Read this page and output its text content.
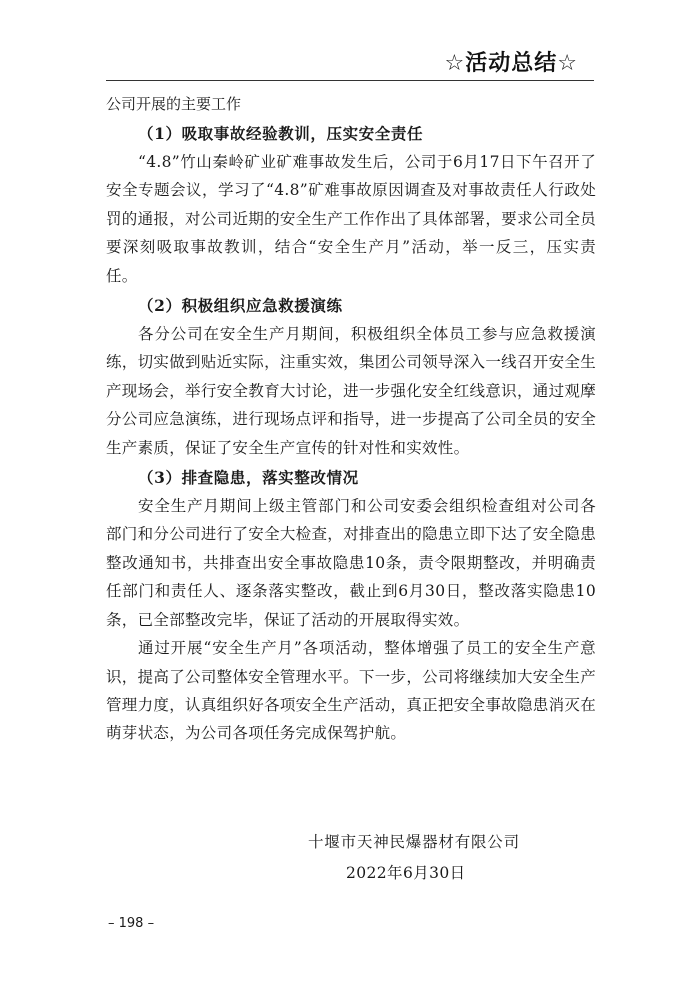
☆活动总结☆
公司开展的主要工作
（1）吸取事故经验教训，压实安全责任

“4.8”竹山秦岭矿业矿难事故发生后，公司于6月17日下午召开了安全专题会议，学习了“4.8”矿难事故原因调查及对事故责任人行政处罚的通报，对公司近期的安全生产工作作出了具体部署，要求公司全员要深刻吸取事故教训，结合“安全生产月”活动，举一反三，压实责任。

（2）积极组织应急救援演练

各分公司在安全生产月期间，积极组织全体员工参与应急救援演练，切实做到贴近实际，注重实效，集团公司领导深入一线召开安全生产现场会，举行安全教育大讨论，进一步强化安全红线意识，通过观摩分公司应急演练，进行现场点评和指导，进一步提高了公司全员的安全生产素质，保证了安全生产宣传的针对性和实效性。

（3）排查隐患，落实整改情况

安全生产月期间上级主管部门和公司安委会组织检查组对公司各部门和分公司进行了安全大检查，对排查出的隐患立即下达了安全隐患整改通知书，共排查出安全事故隐患10条，责令限期整改，并明确责任部门和责任人、逐条落实整改，截止到6月30日，整改落实隐患10条，已全部整改完毕，保证了活动的开展取得实效。

通过开展“安全生产月”各项活动，整体增强了员工的安全生产意识，提高了公司整体安全管理水平。下一步，公司将继续加大安全生产管理力度，认真组织好各项安全生产活动，真正把安全事故隐患消灭在萌芽状态，为公司各项任务完成保驾护航。

十堰市天神民爆器材有限公司
2022年6月30日
– 198 –
